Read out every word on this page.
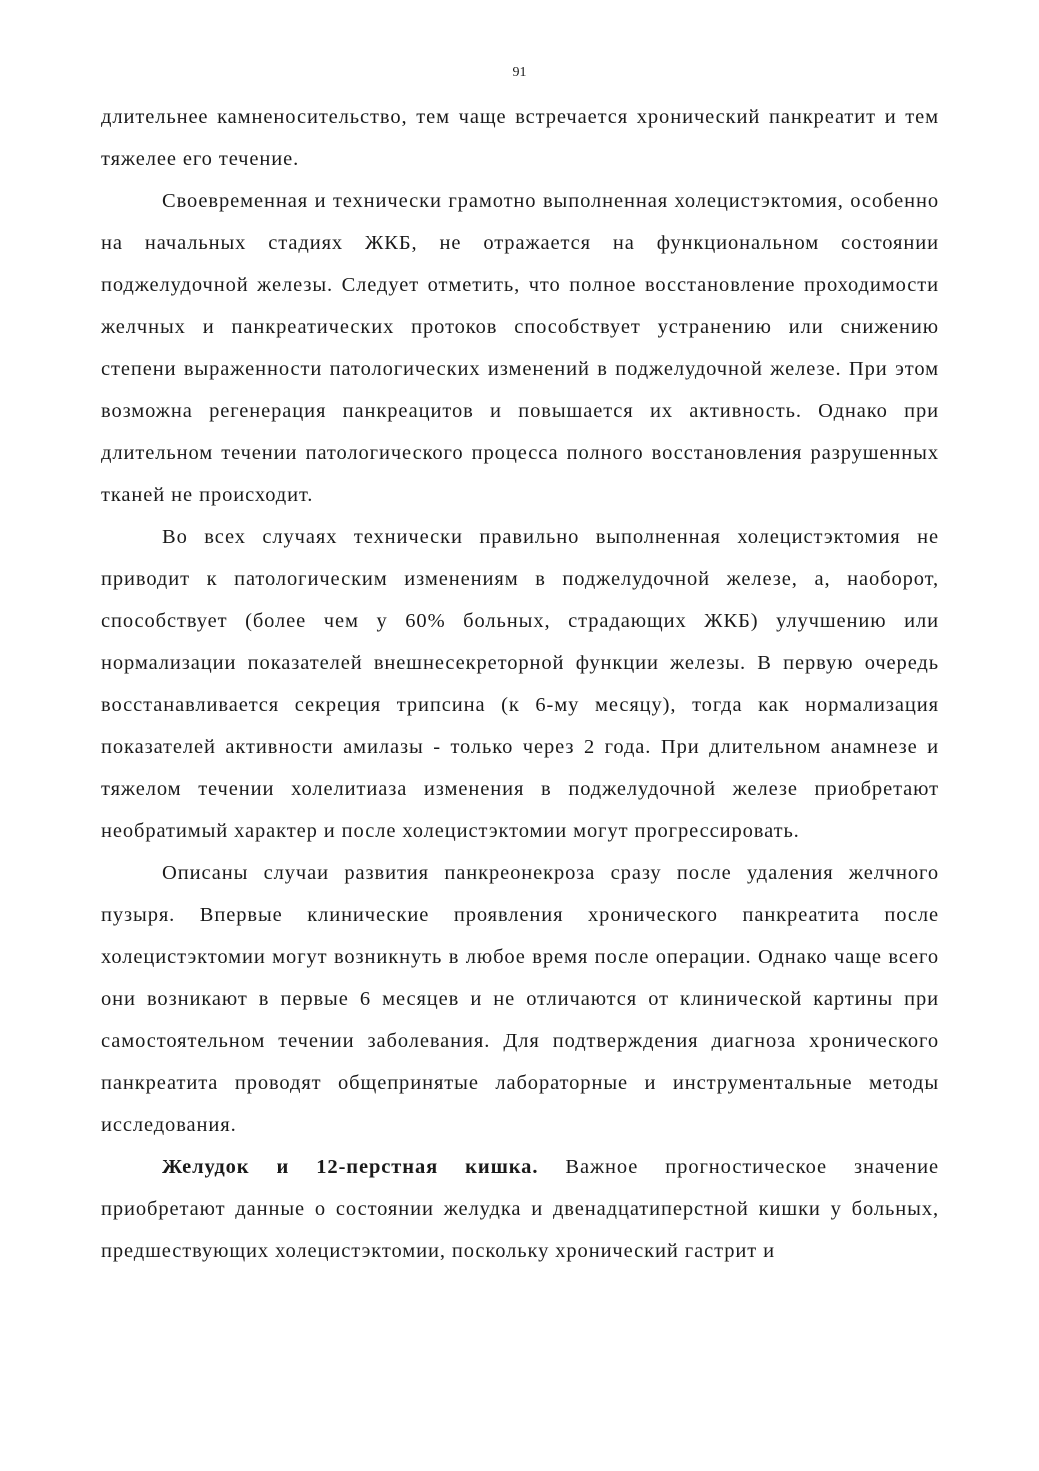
91

длительнее камненосительство, тем чаще встречается хронический панкреатит и тем тяжелее его течение.

Своевременная и технически грамотно выполненная холецистэктомия, особенно на начальных стадиях ЖКБ, не отражается на функциональном состоянии поджелудочной железы. Следует отметить, что полное восстановление проходимости желчных и панкреатических протоков способствует устранению или снижению степени выраженности патологических изменений в поджелудочной железе. При этом возможна регенерация панкреацитов и повышается их активность. Однако при длительном течении патологического процесса полного восстановления разрушенных тканей не происходит.

Во всех случаях технически правильно выполненная холецистэктомия не приводит к патологическим изменениям в поджелудочной железе, а, наоборот, способствует (более чем у 60% больных, страдающих ЖКБ) улучшению или нормализации показателей внешнесекреторной функции железы. В первую очередь восстанавливается секреция трипсина (к 6-му месяцу), тогда как нормализация показателей активности амилазы - только через 2 года. При длительном анамнезе и тяжелом течении холелитиаза изменения в поджелудочной железе приобретают необратимый характер и после холецистэктомии могут прогрессировать.

Описаны случаи развития панкреонекроза сразу после удаления желчного пузыря. Впервые клинические проявления хронического панкреатита после холецистэктомии могут возникнуть в любое время после операции. Однако чаще всего они возникают в первые 6 месяцев и не отличаются от клинической картины при самостоятельном течении заболевания. Для подтверждения диагноза хронического панкреатита проводят общепринятые лабораторные и инструментальные методы исследования.

Желудок и 12-перстная кишка. Важное прогностическое значение приобретают данные о состоянии желудка и двенадцатиперстной кишки у больных, предшествующих холецистэктомии, поскольку хронический гастрит и
